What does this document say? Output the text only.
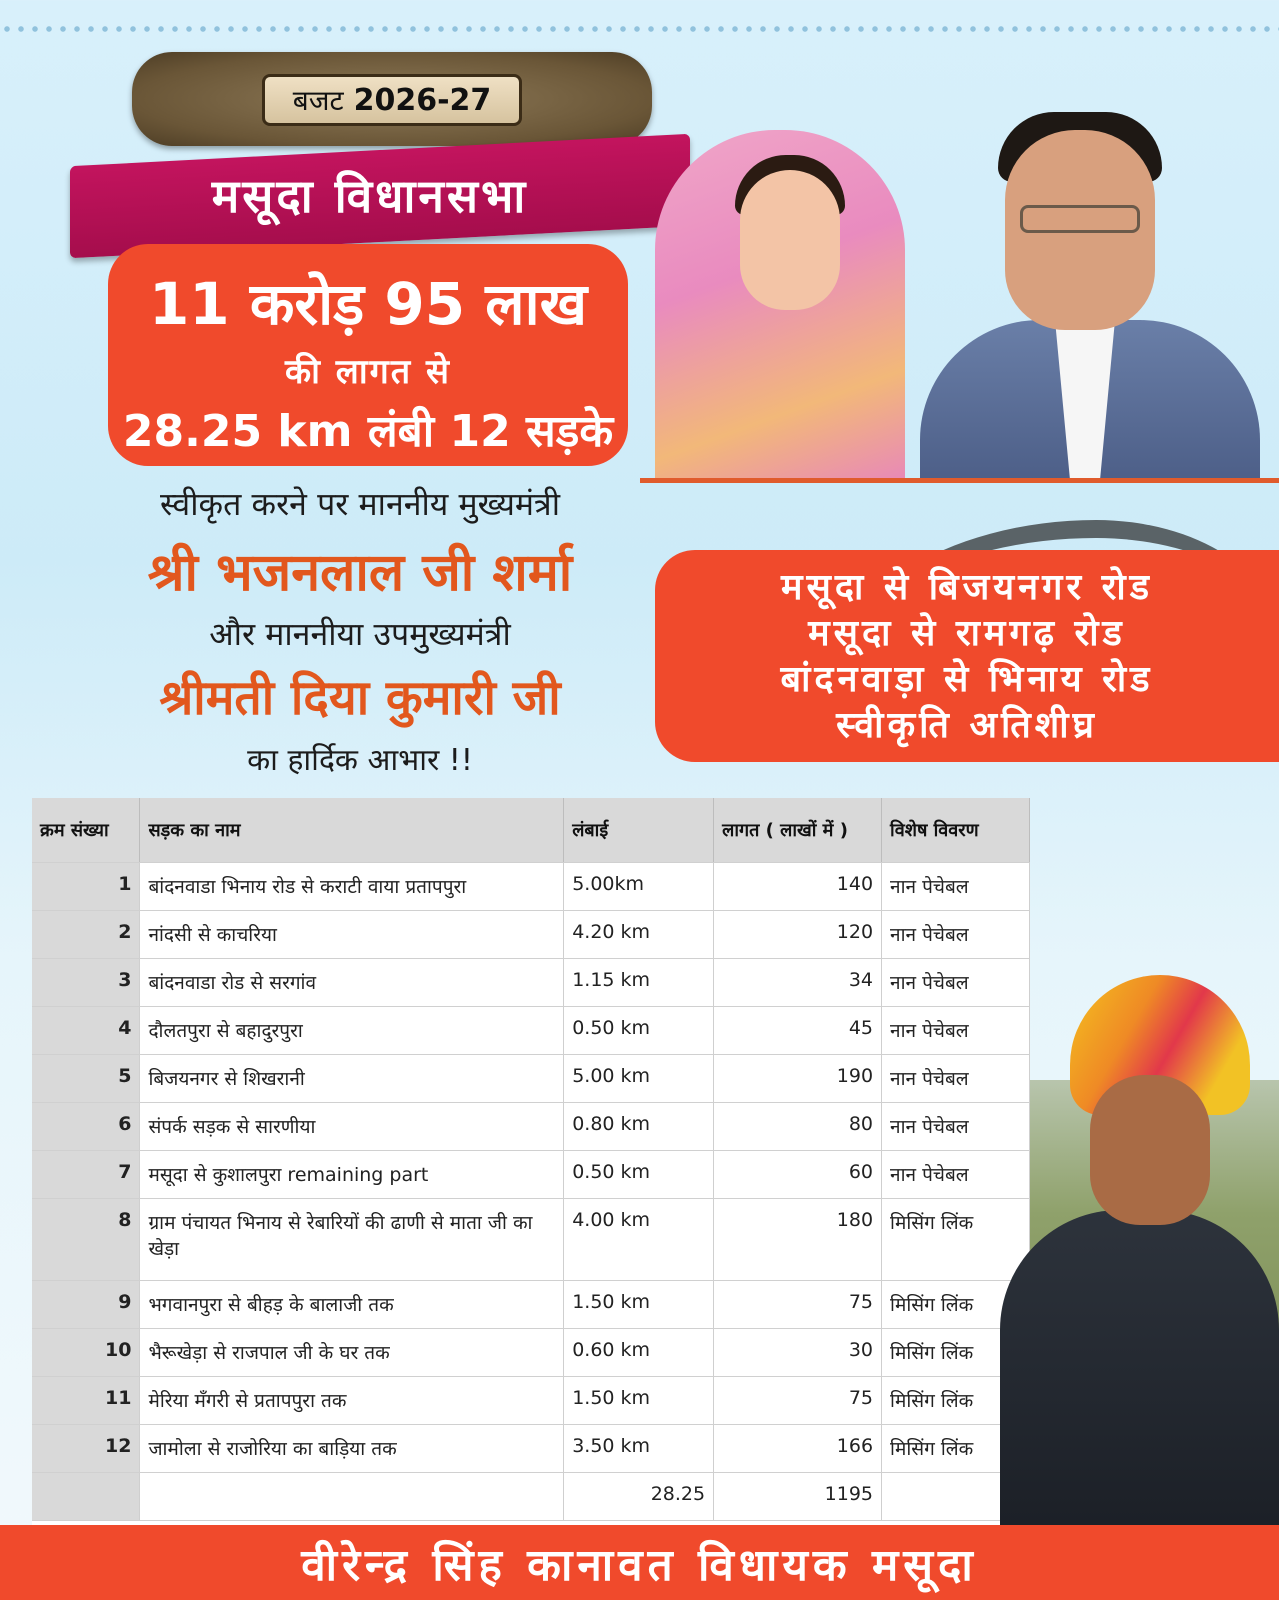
बजट 2026-27
मसूदा विधानसभा
11 करोड़ 95 लाख
की लागत से
28.25 km लंबी 12 सड़के
स्वीकृत करने पर माननीय मुख्यमंत्री
श्री भजनलाल जी शर्मा
और माननीया उपमुख्यमंत्री
श्रीमती दिया कुमारी जी
का हार्दिक आभार !!
मसूदा से बिजयनगर रोड
मसूदा से रामगढ़ रोड
बांदनवाड़ा से भिनाय रोड
स्वीकृति अतिशीघ्र
क्रम संख्या	सड़क का नाम	लंबाई	लागत ( लाखों में )	विशेष विवरण
1	बांदनवाडा भिनाय रोड से कराटी वाया प्रतापपुरा	5.00km	140	नान पेचेबल
2	नांदसी से काचरिया	4.20 km	120	नान पेचेबल
3	बांदनवाडा रोड से सरगांव	1.15 km	34	नान पेचेबल
4	दौलतपुरा से बहादुरपुरा	0.50 km	45	नान पेचेबल
5	बिजयनगर से शिखरानी	5.00 km	190	नान पेचेबल
6	संपर्क सड़क से सारणीया	0.80 km	80	नान पेचेबल
7	मसूदा से कुशालपुरा remaining part	0.50 km	60	नान पेचेबल
8	ग्राम पंचायत भिनाय से रेबारियों की ढाणी से माता जी का खेड़ा	4.00 km	180	मिसिंग लिंक
9	भगवानपुरा से बीहड़ के बालाजी तक	1.50 km	75	मिसिंग लिंक
10	भैरूखेड़ा से राजपाल जी के घर तक	0.60 km	30	मिसिंग लिंक
11	मेरिया मँगरी से प्रतापपुरा तक	1.50 km	75	मिसिंग लिंक
12	जामोला से राजोरिया का बाड़िया तक	3.50 km	166	मिसिंग लिंक
		28.25	1195	
वीरेन्द्र सिंह कानावत विधायक मसूदा
